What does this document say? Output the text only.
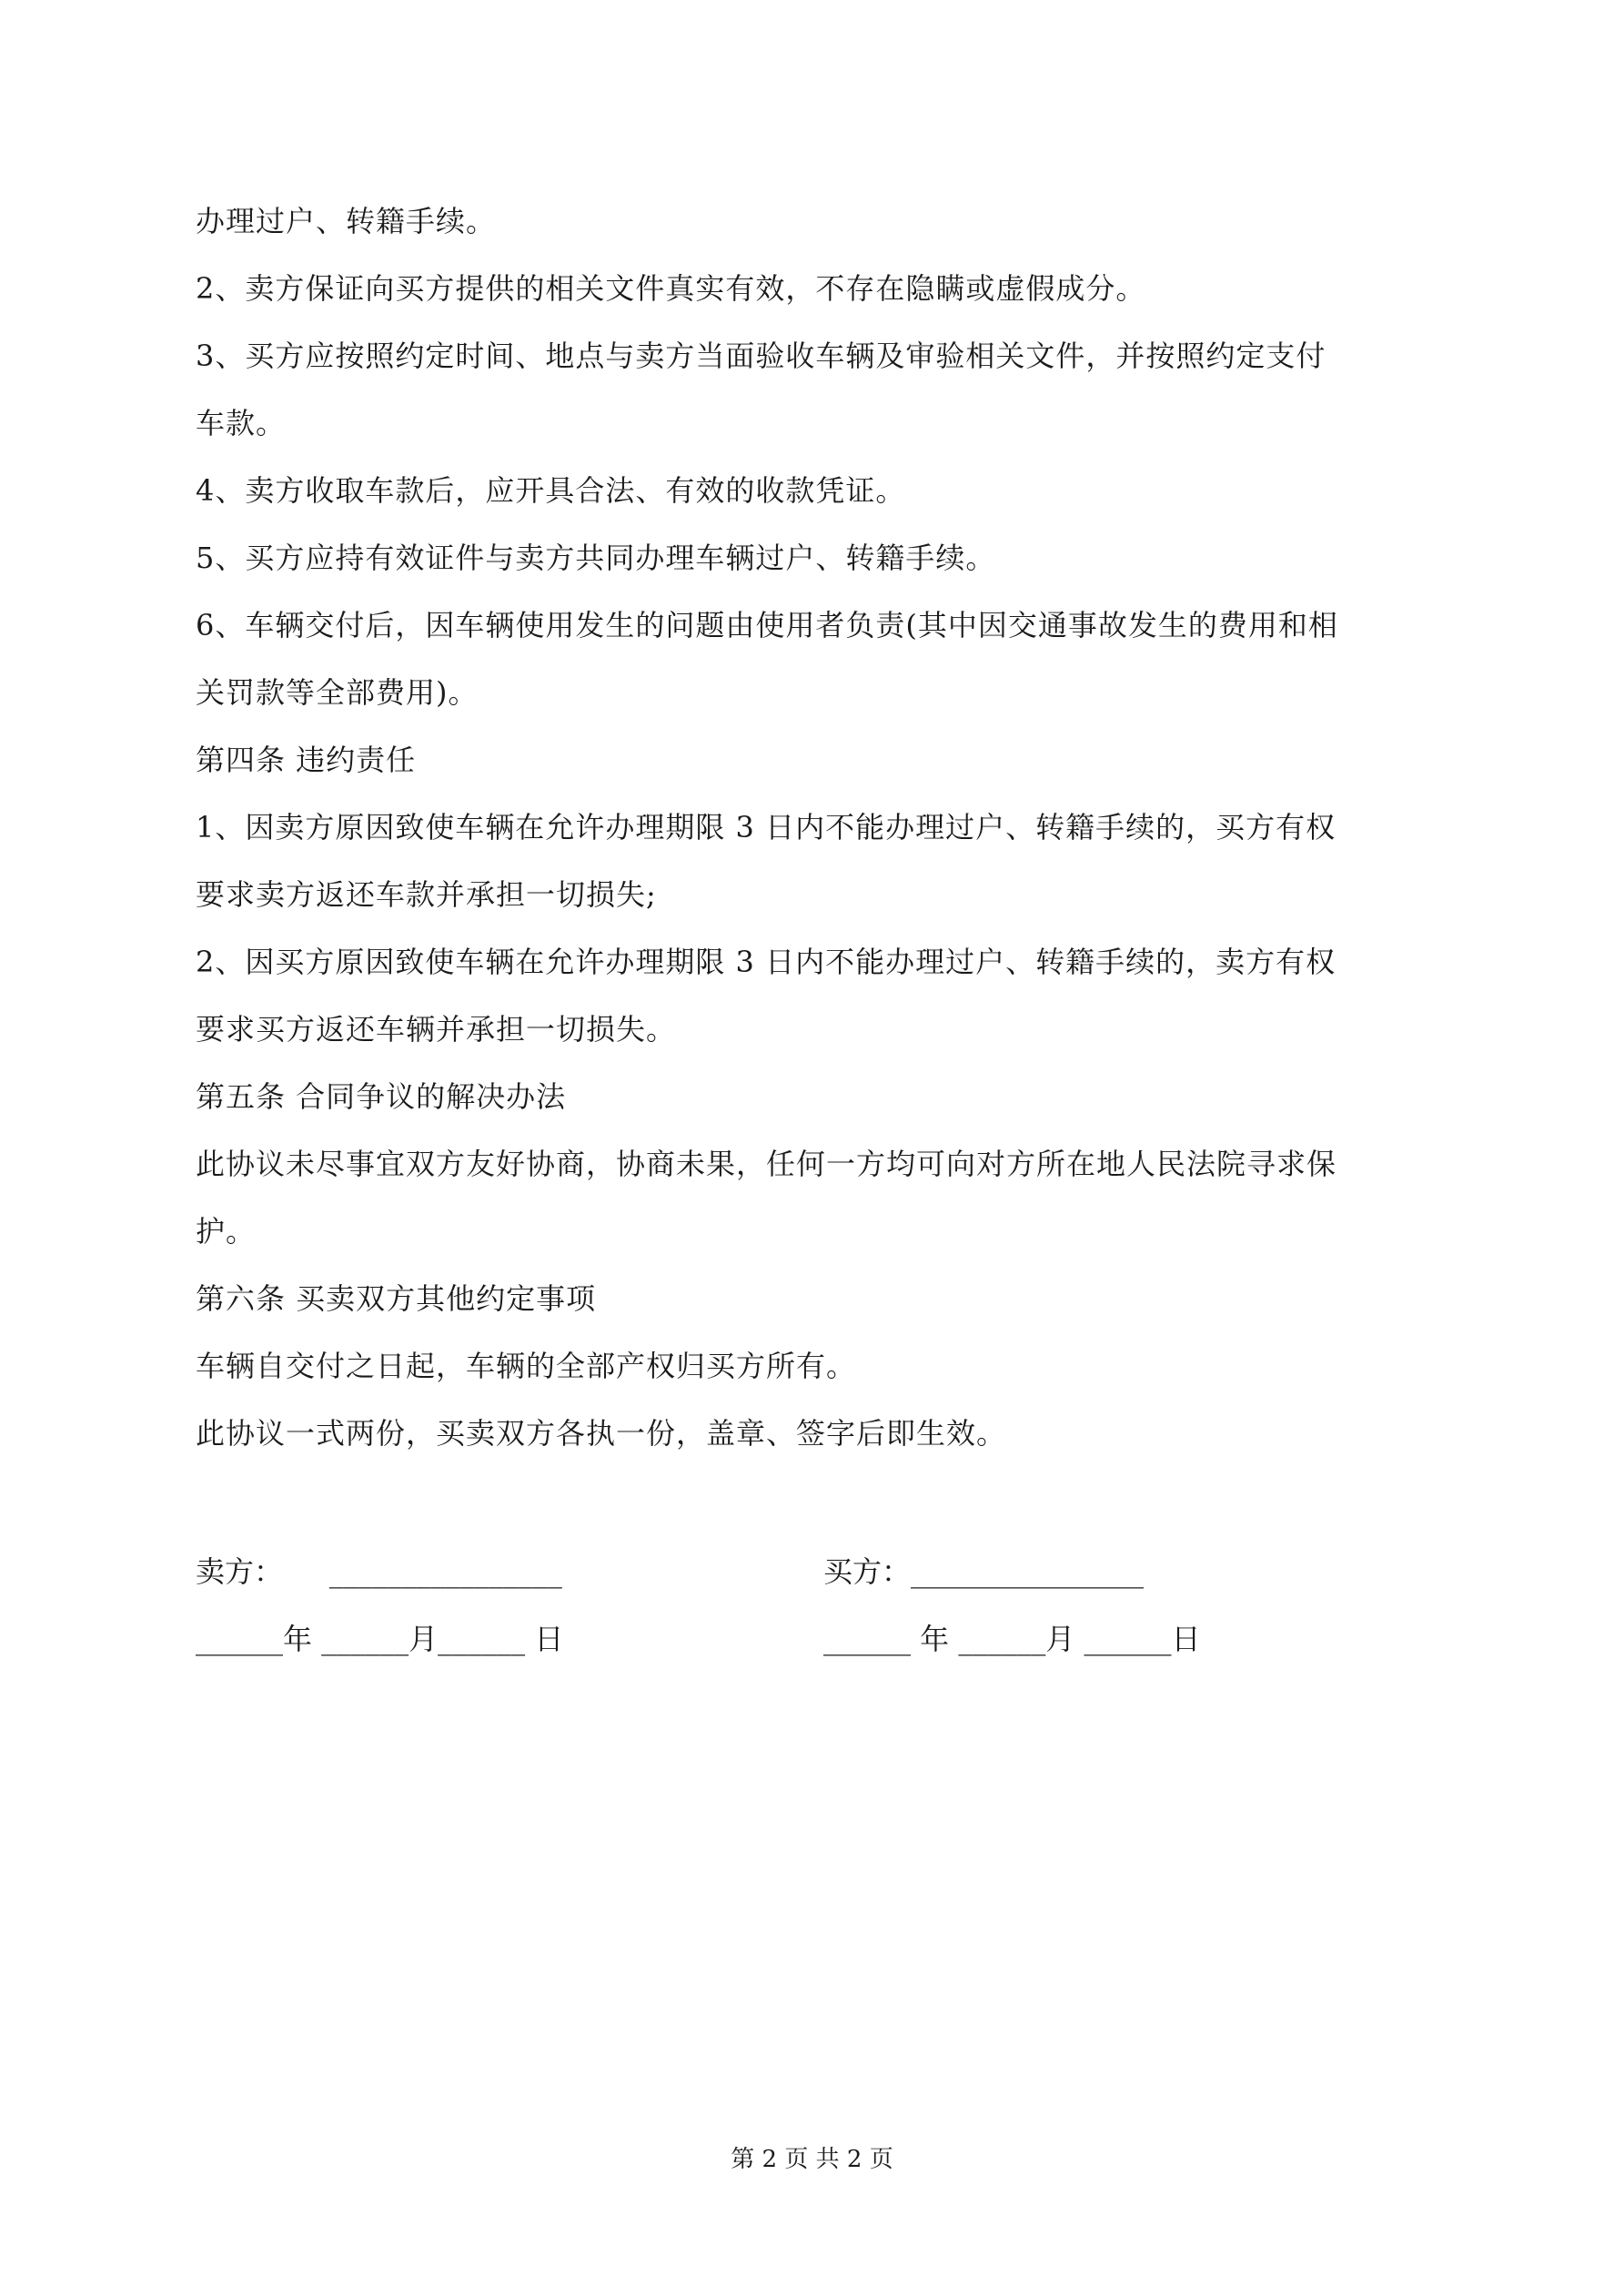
办理过户、转籍手续。
2、卖方保证向买方提供的相关文件真实有效，不存在隐瞒或虚假成分。
3、买方应按照约定时间、地点与卖方当面验收车辆及审验相关文件，并按照约定支付
车款。
4、卖方收取车款后，应开具合法、有效的收款凭证。
5、买方应持有效证件与卖方共同办理车辆过户、转籍手续。
6、车辆交付后，因车辆使用发生的问题由使用者负责(其中因交通事故发生的费用和相
关罚款等全部费用)。
第四条 违约责任
1、因卖方原因致使车辆在允许办理期限 3 日内不能办理过户、转籍手续的，买方有权
要求卖方返还车款并承担一切损失;
2、因买方原因致使车辆在允许办理期限 3 日内不能办理过户、转籍手续的，卖方有权
要求买方返还车辆并承担一切损失。
第五条 合同争议的解决办法
此协议未尽事宜双方友好协商，协商未果，任何一方均可向对方所在地人民法院寻求保
护。
第六条 买卖双方其他约定事项
车辆自交付之日起，车辆的全部产权归买方所有。
此协议一式两份，买卖双方各执一份，盖章、签字后即生效。

卖方：     ________________

	买方：________________

______年 ______月______ 日

	______ 年 ______月 ______日

第 2 页 共 2 页
